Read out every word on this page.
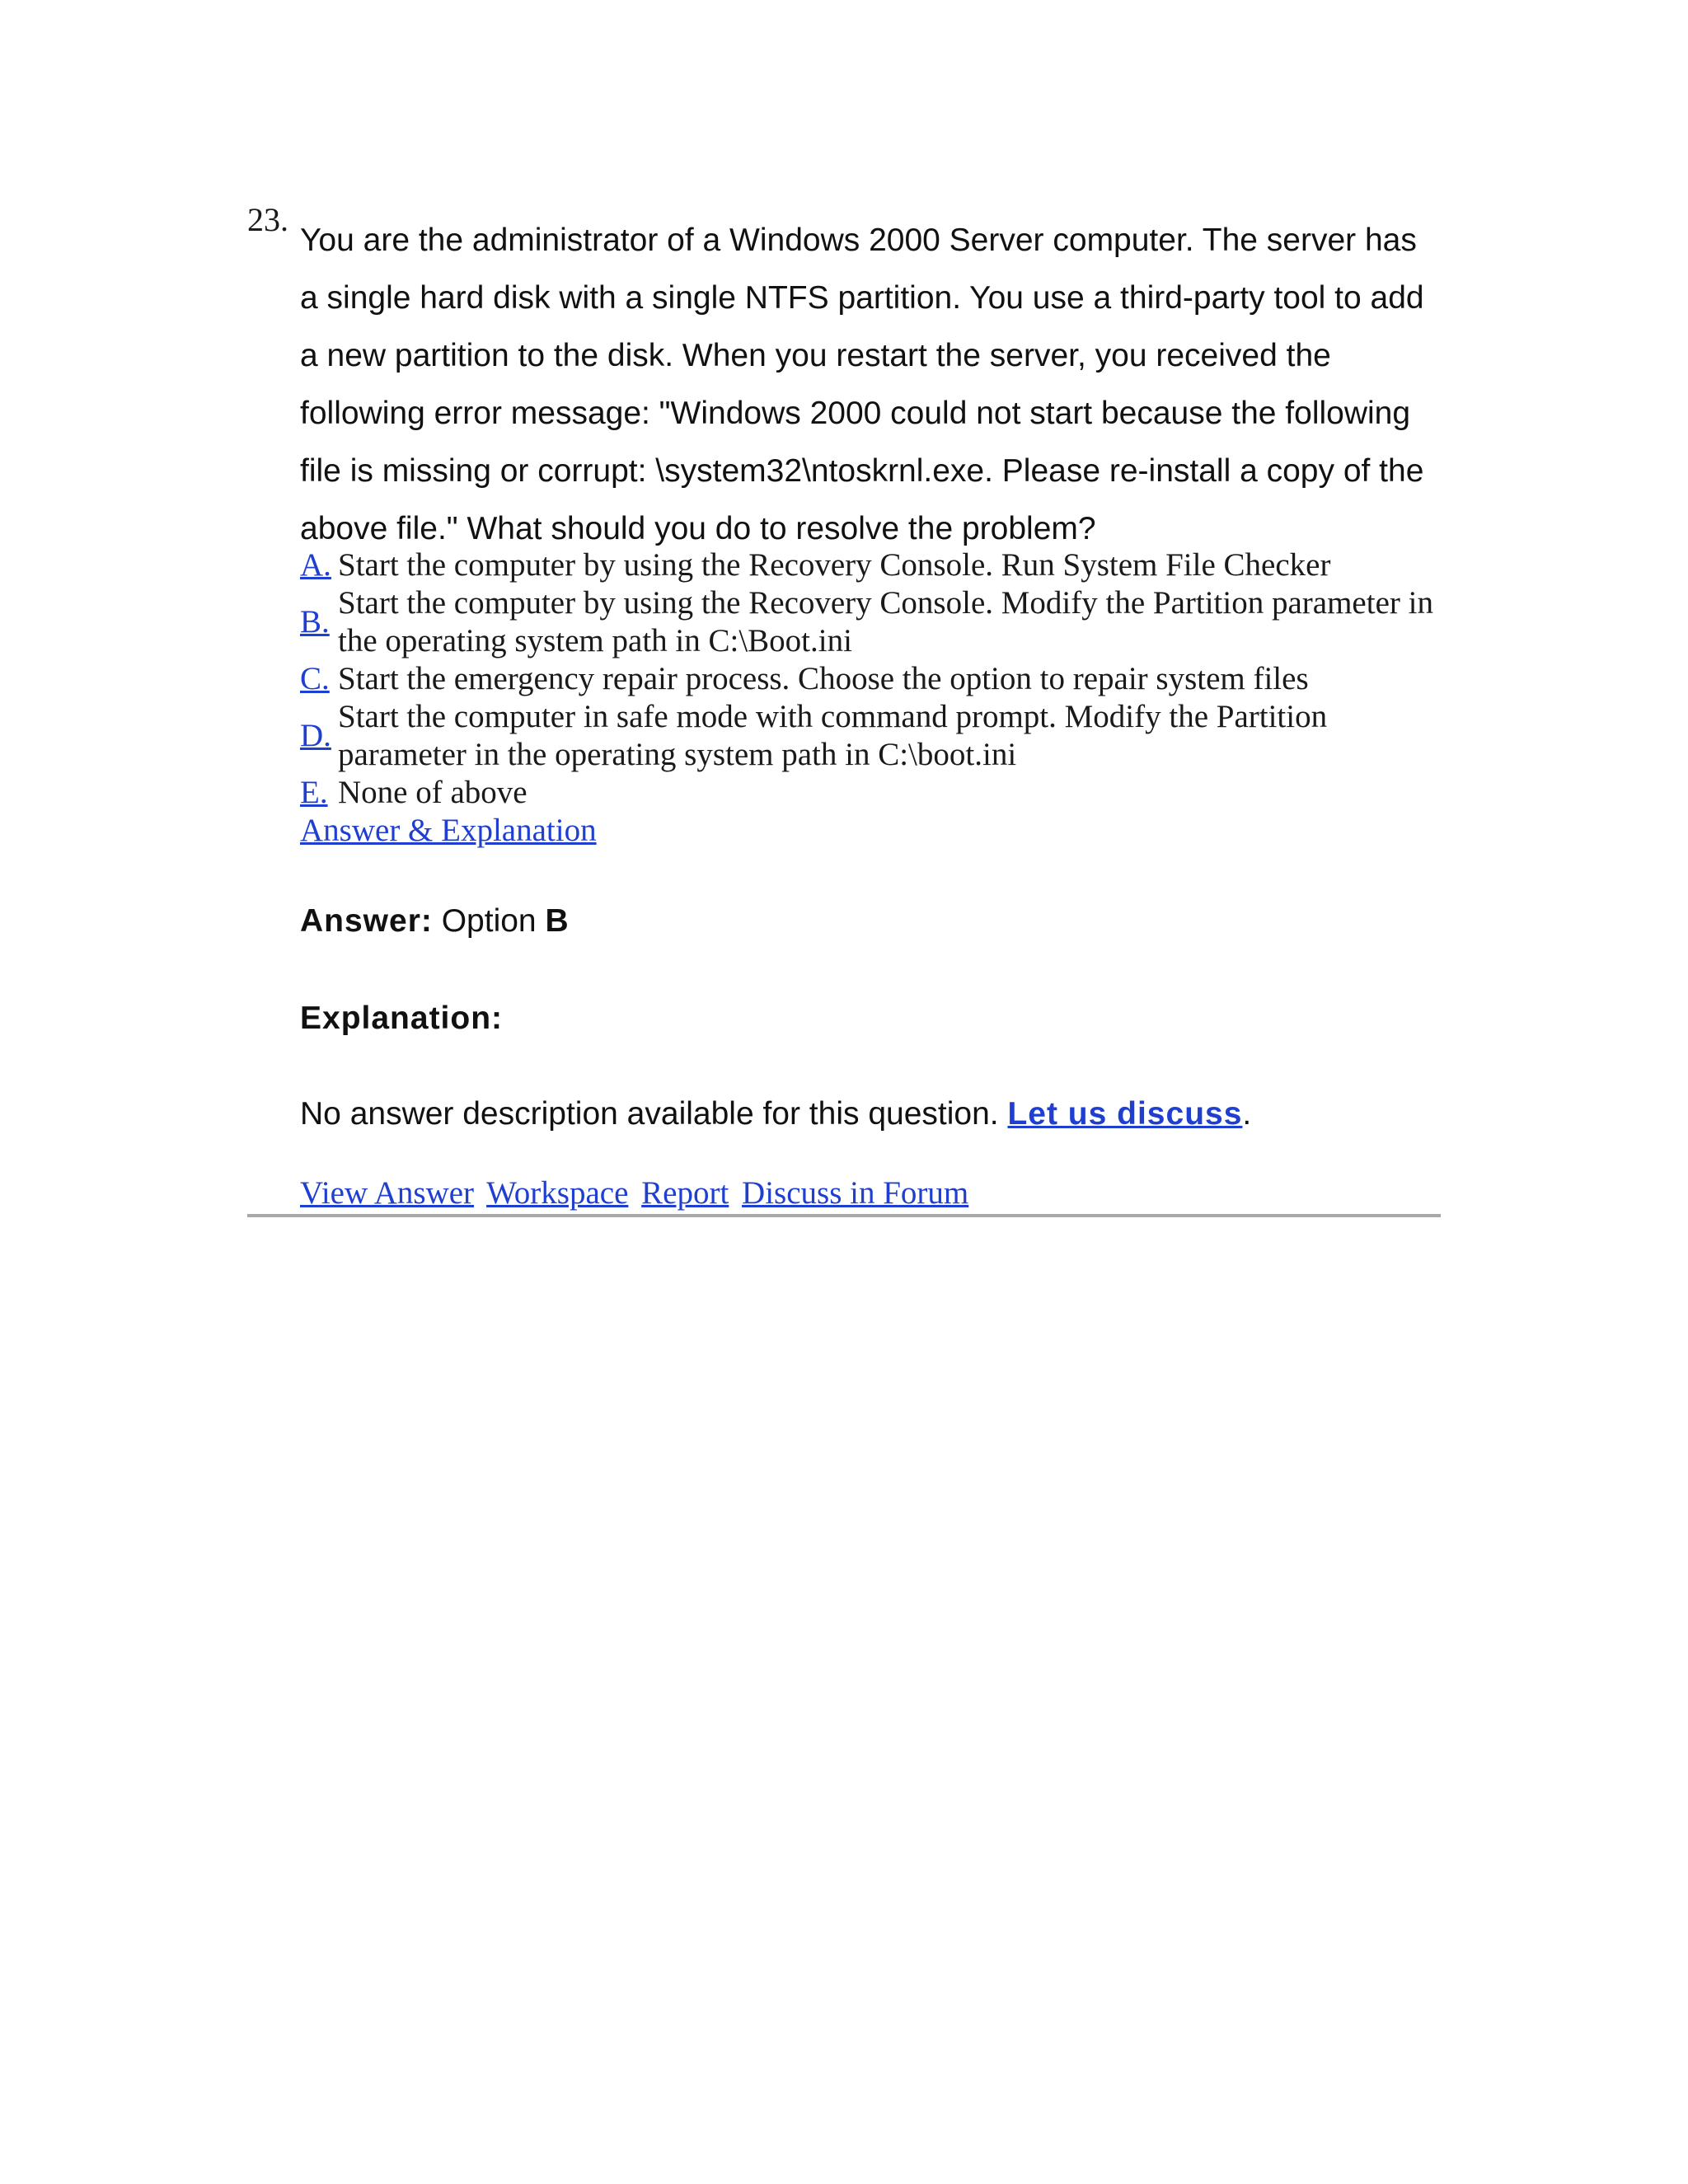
23.
You are the administrator of a Windows 2000 Server computer. The server has a single hard disk with a single NTFS partition. You use a third-party tool to add a new partition to the disk. When you restart the server, you received the following error message: "Windows 2000 could not start because the following file is missing or corrupt: \system32\ntoskrnl.exe. Please re-install a copy of the above file." What should you do to resolve the problem?
A. Start the computer by using the Recovery Console. Run System File Checker
B.
Start the computer by using the Recovery Console. Modify the Partition parameter in the operating system path in C:\Boot.ini
C. Start the emergency repair process. Choose the option to repair system files
D.
Start the computer in safe mode with command prompt. Modify the Partition parameter in the operating system path in C:\boot.ini
E. None of above
Answer & Explanation
Answer: Option B
Explanation:
No answer description available for this question. Let us discuss.
View Answer Workspace Report Discuss in Forum
